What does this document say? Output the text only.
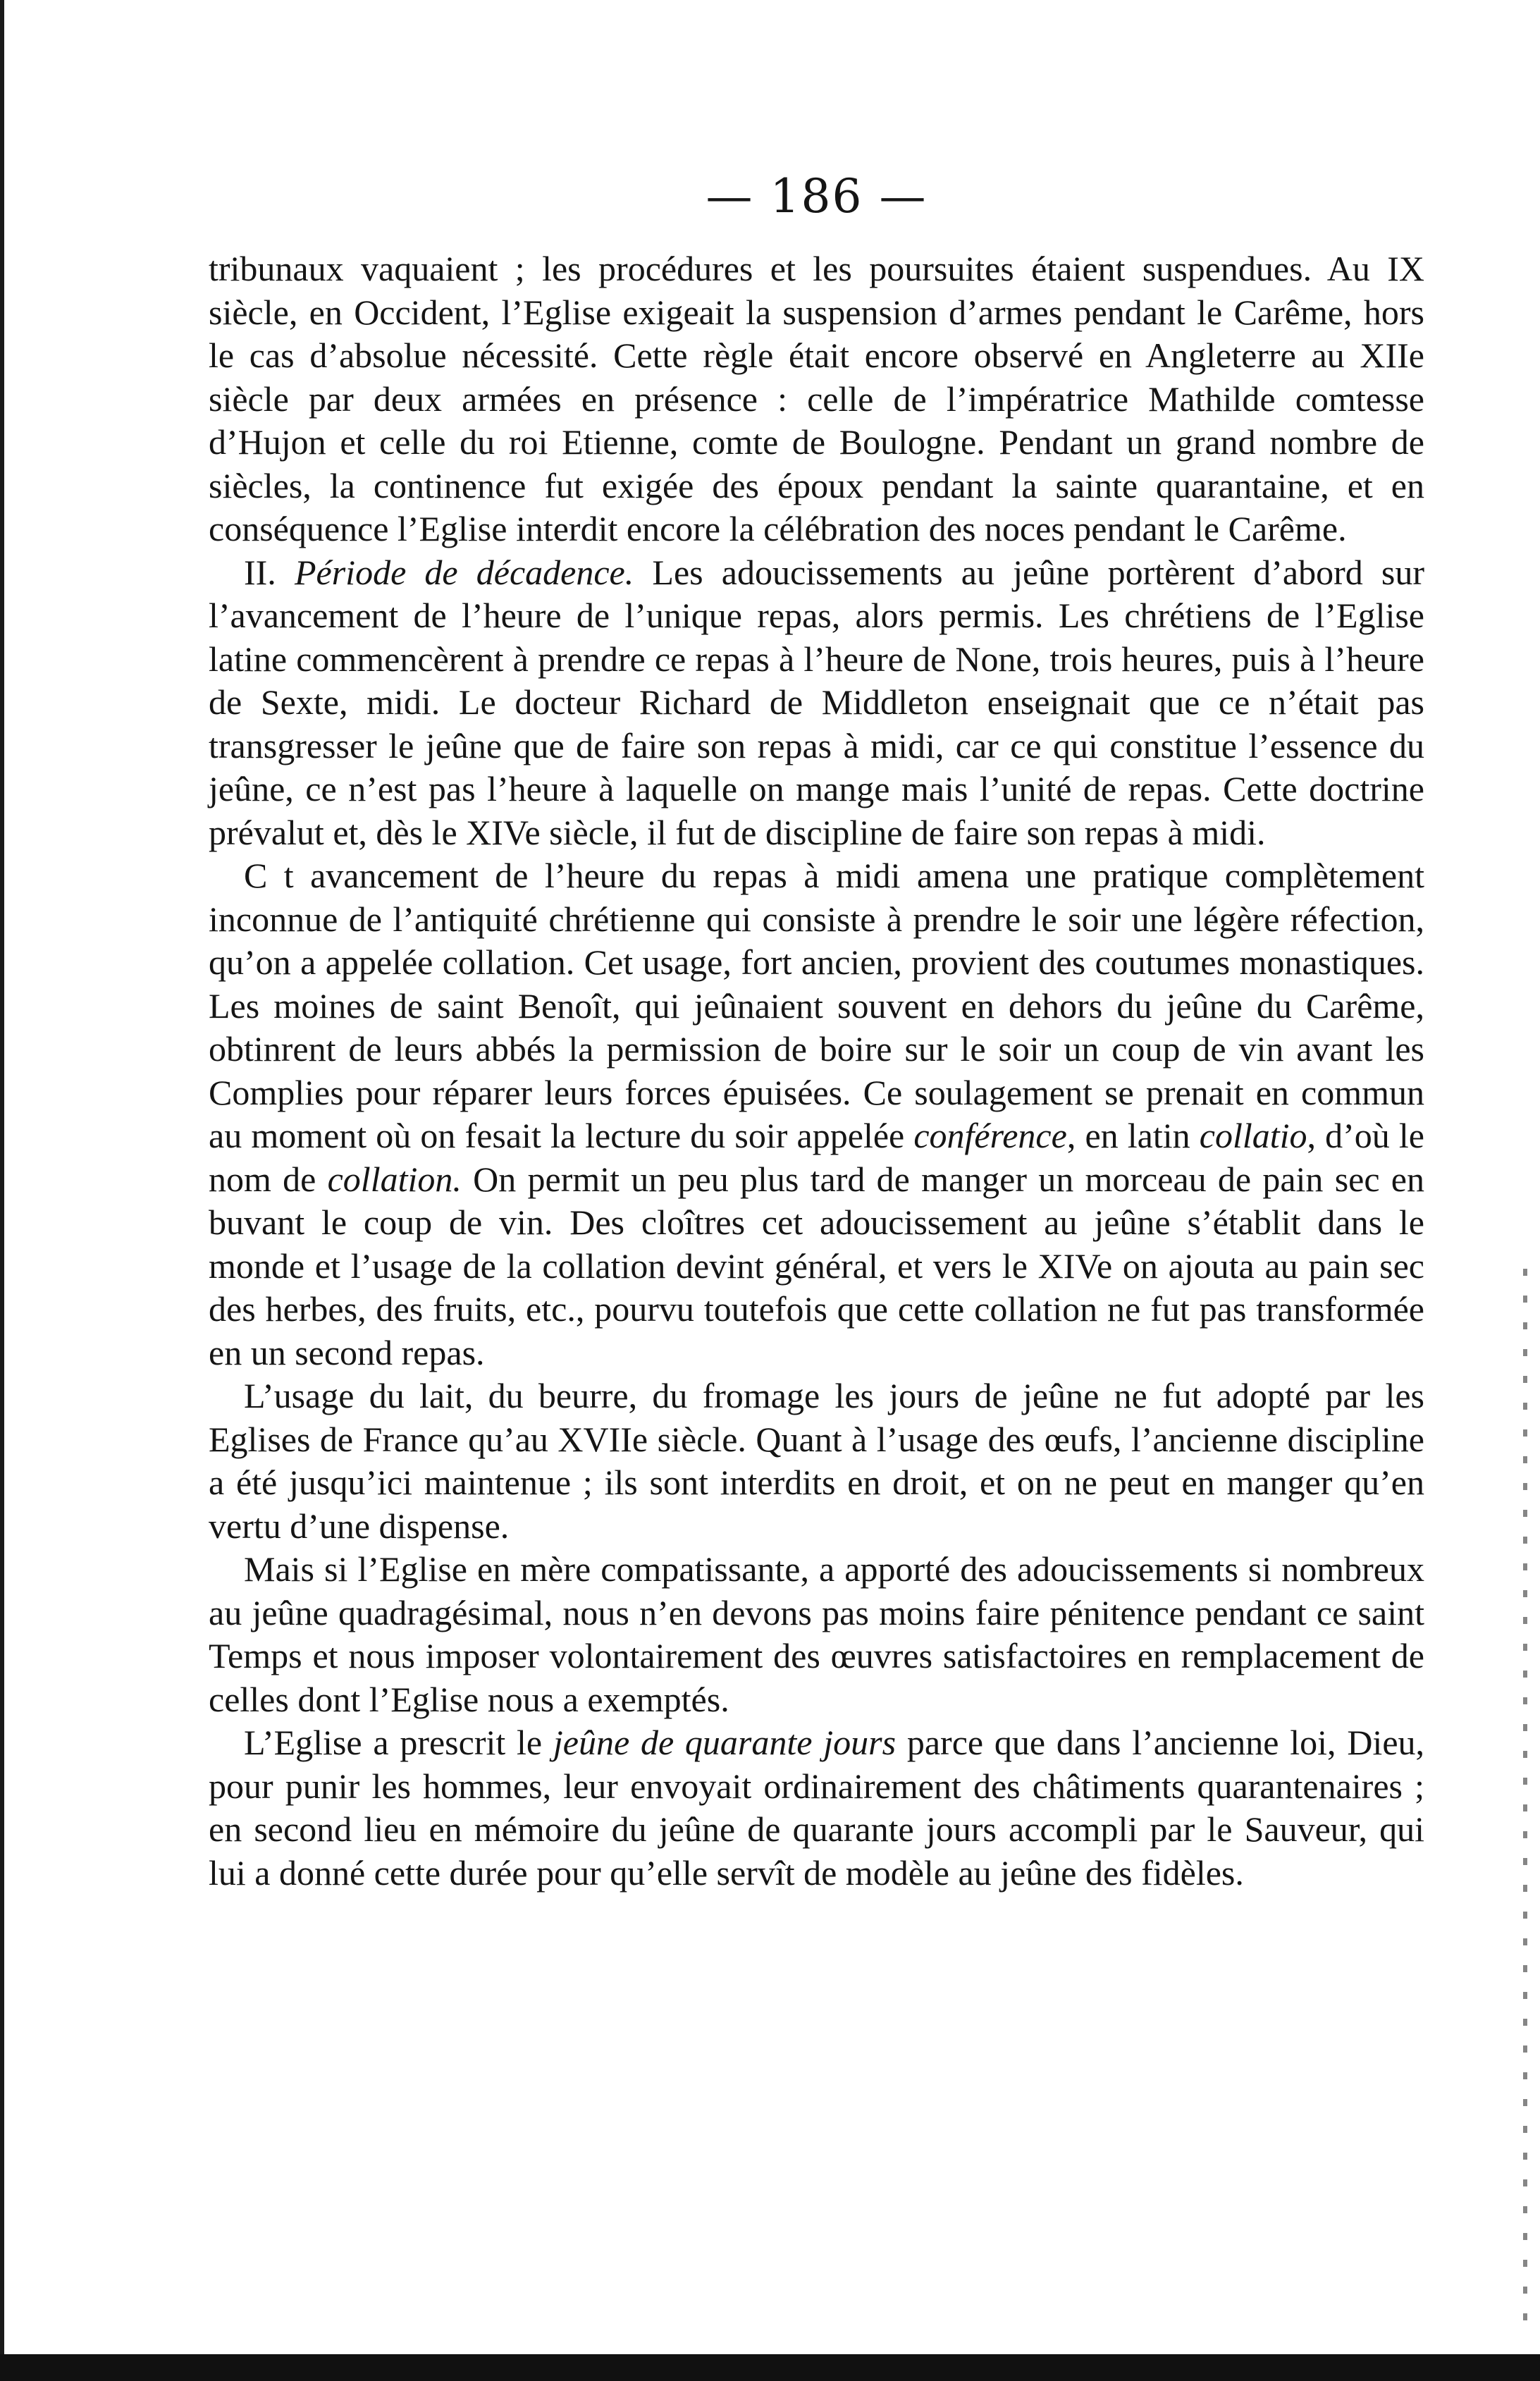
— 186 —

tribunaux vaquaient ; les procédures et les poursuites étaient suspendues. Au IX siècle, en Occident, l’Eglise exigeait la suspension d’armes pendant le Carême, hors le cas d’absolue nécessité. Cette règle était encore observé en Angleterre au XIIe siècle par deux armées en présence : celle de l’impératrice Mathilde comtesse d’Hujon et celle du roi Etienne, comte de Boulogne. Pendant un grand nombre de siècles, la continence fut exigée des époux pendant la sainte quarantaine, et en conséquence l’Eglise interdit encore la célébration des noces pendant le Carême.

II. Période de décadence. Les adoucissements au jeûne portèrent d’abord sur l’avancement de l’heure de l’unique repas, alors permis. Les chrétiens de l’Eglise latine commencèrent à prendre ce repas à l’heure de None, trois heures, puis à l’heure de Sexte, midi. Le docteur Richard de Middleton enseignait que ce n’était pas transgresser le jeûne que de faire son repas à midi, car ce qui constitue l’essence du jeûne, ce n’est pas l’heure à laquelle on mange mais l’unité de repas. Cette doctrine prévalut et, dès le XIVe siècle, il fut de discipline de faire son repas à midi.

C t avancement de l’heure du repas à midi amena une pratique complètement inconnue de l’antiquité chrétienne qui consiste à prendre le soir une légère réfection, qu’on a appelée collation. Cet usage, fort ancien, provient des coutumes monastiques. Les moines de saint Benoît, qui jeûnaient souvent en dehors du jeûne du Carême, obtinrent de leurs abbés la permission de boire sur le soir un coup de vin avant les Complies pour réparer leurs forces épuisées. Ce soulagement se prenait en commun au moment où on fesait la lecture du soir appelée conférence, en latin collatio, d’où le nom de collation. On permit un peu plus tard de manger un morceau de pain sec en buvant le coup de vin. Des cloîtres cet adoucissement au jeûne s’établit dans le monde et l’usage de la collation devint général, et vers le XIVe on ajouta au pain sec des herbes, des fruits, etc., pourvu toutefois que cette collation ne fut pas transformée en un second repas.

L’usage du lait, du beurre, du fromage les jours de jeûne ne fut adopté par les Eglises de France qu’au XVIIe siècle. Quant à l’usage des œufs, l’ancienne discipline a été jusqu’ici maintenue ; ils sont interdits en droit, et on ne peut en manger qu’en vertu d’une dispense.

Mais si l’Eglise en mère compatissante, a apporté des adoucissements si nombreux au jeûne quadragésimal, nous n’en devons pas moins faire pénitence pendant ce saint Temps et nous imposer volontairement des œuvres satisfactoires en remplacement de celles dont l’Eglise nous a exemptés.

L’Eglise a prescrit le jeûne de quarante jours parce que dans l’ancienne loi, Dieu, pour punir les hommes, leur envoyait ordinairement des châtiments quarantenaires ; en second lieu en mémoire du jeûne de quarante jours accompli par le Sauveur, qui lui a donné cette durée pour qu’elle servît de modèle au jeûne des fidèles.
